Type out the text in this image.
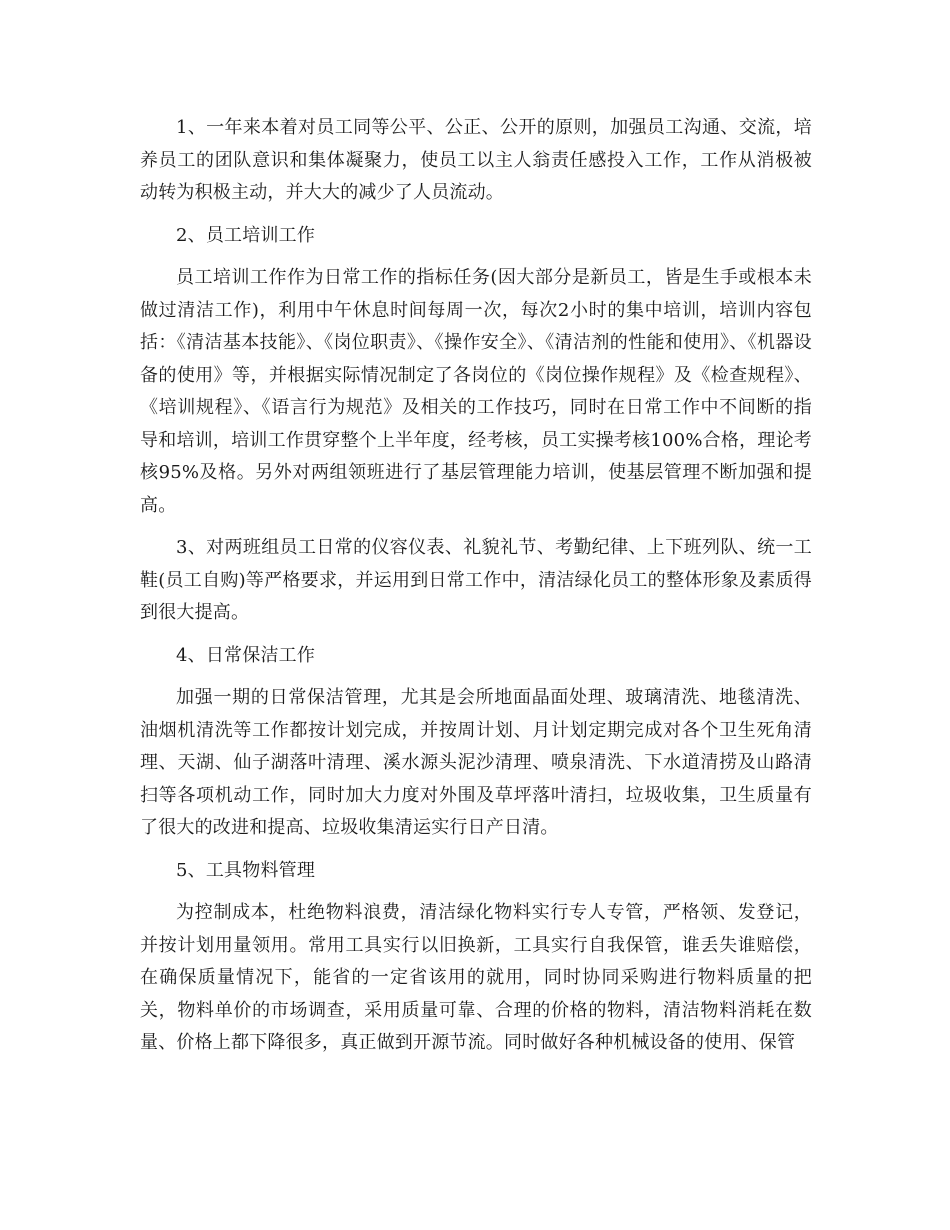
1、一年来本着对员工同等公平、公正、公开的原则，加强员工沟通、交流，培养员工的团队意识和集体凝聚力，使员工以主人翁责任感投入工作，工作从消极被动转为积极主动，并大大的减少了人员流动。

2、员工培训工作

员工培训工作作为日常工作的指标任务(因大部分是新员工，皆是生手或根本未做过清洁工作)，利用中午休息时间每周一次，每次2小时的集中培训，培训内容包括：《清洁基本技能》、《岗位职责》、《操作安全》、《清洁剂的性能和使用》、《机器设备的使用》等，并根据实际情况制定了各岗位的《岗位操作规程》及《检查规程》、《培训规程》、《语言行为规范》及相关的工作技巧，同时在日常工作中不间断的指导和培训，培训工作贯穿整个上半年度，经考核，员工实操考核100%合格，理论考核95%及格。另外对两组领班进行了基层管理能力培训，使基层管理不断加强和提高。

3、对两班组员工日常的仪容仪表、礼貌礼节、考勤纪律、上下班列队、统一工鞋(员工自购)等严格要求，并运用到日常工作中，清洁绿化员工的整体形象及素质得到很大提高。

4、日常保洁工作

加强一期的日常保洁管理，尤其是会所地面晶面处理、玻璃清洗、地毯清洗、油烟机清洗等工作都按计划完成，并按周计划、月计划定期完成对各个卫生死角清理、天湖、仙子湖落叶清理、溪水源头泥沙清理、喷泉清洗、下水道清捞及山路清扫等各项机动工作，同时加大力度对外围及草坪落叶清扫，垃圾收集，卫生质量有了很大的改进和提高、垃圾收集清运实行日产日清。

5、工具物料管理

为控制成本，杜绝物料浪费，清洁绿化物料实行专人专管，严格领、发登记，并按计划用量领用。常用工具实行以旧换新，工具实行自我保管，谁丢失谁赔偿，在确保质量情况下，能省的一定省该用的就用，同时协同采购进行物料质量的把关，物料单价的市场调查，采用质量可靠、合理的价格的物料，清洁物料消耗在数量、价格上都下降很多，真正做到开源节流。同时做好各种机械设备的使用、保管
